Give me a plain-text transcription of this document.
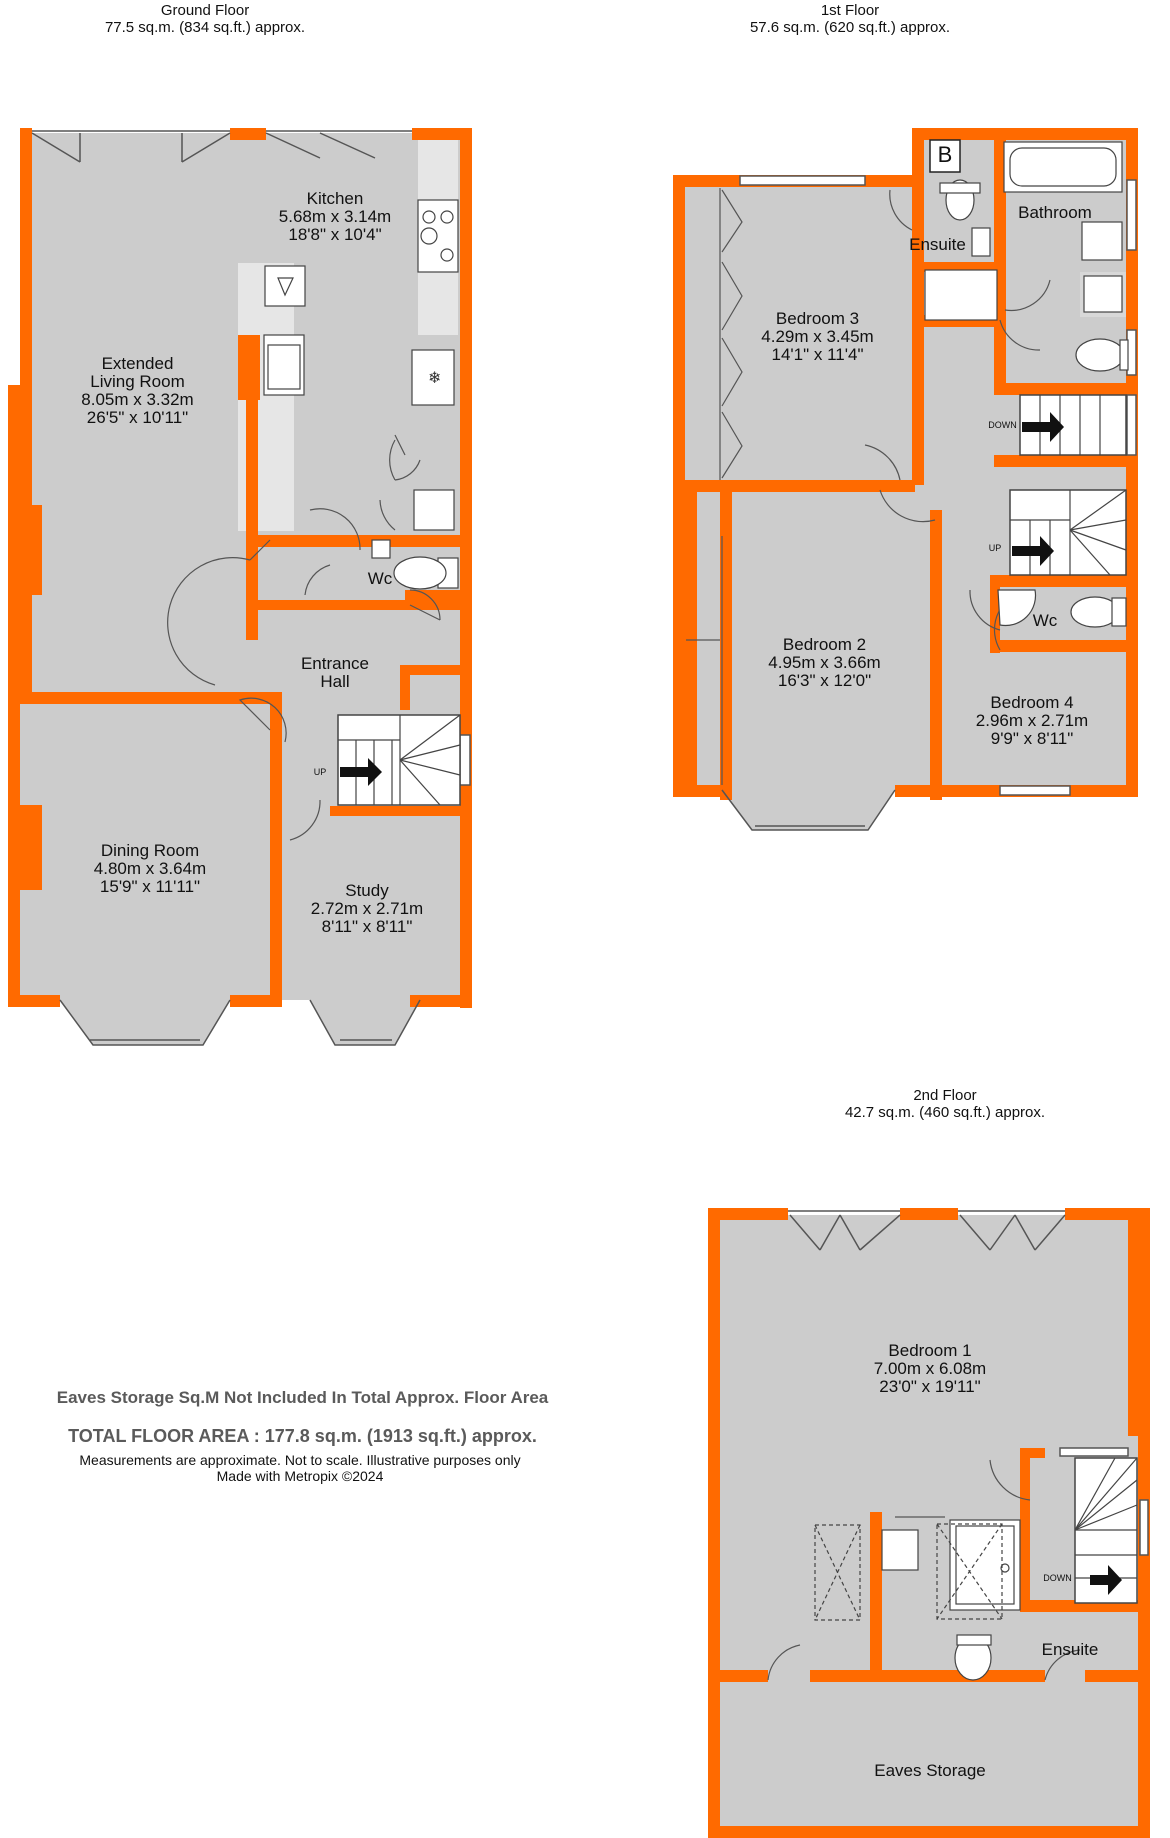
❄
Ground Floor
77.5 sq.m. (834 sq.ft.) approx.
1st Floor
57.6 sq.m. (620 sq.ft.) approx.
2nd Floor
42.7 sq.m. (460 sq.ft.) approx.
Kitchen
5.68m x 3.14m
18'8" x 10'4"
Extended
Living Room
8.05m x 3.32m
26'5" x 10'11"
Wc
Entrance
Hall
Dining Room
4.80m x 3.64m
15'9" x 11'11"	Study
2.72m x 2.71m
8'11" x 8'11"
UP
Bedroom 3
4.29m x 3.45m
14'1" x 11'4"
Ensuite
Bathroom
Bedroom 2
4.95m x 3.66m
16'3" x 12'0"
Wc
Bedroom 4
2.96m x 2.71m
9'9" x 8'11"
DOWN
UP
B
Bedroom 1
7.00m x 6.08m
23'0" x 19'11"
Ensuite
Eaves Storage
DOWN
Eaves Storage Sq.M Not Included In Total Approx. Floor Area
TOTAL FLOOR AREA : 177.8 sq.m. (1913 sq.ft.) approx.
Measurements are approximate. Not to scale. Illustrative purposes only
Made with Metropix ©2024
